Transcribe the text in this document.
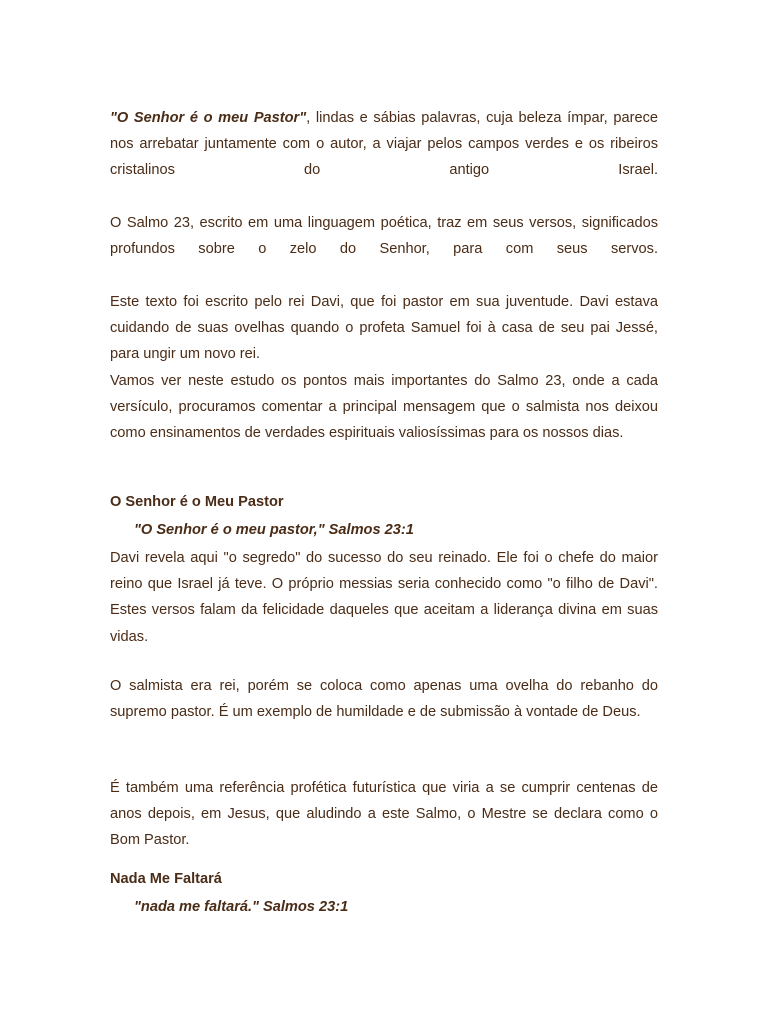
"O Senhor é o meu Pastor", lindas e sábias palavras, cuja beleza ímpar, parece nos arrebatar juntamente com o autor, a viajar pelos campos verdes e os ribeiros cristalinos do antigo Israel.

O Salmo 23, escrito em uma linguagem poética, traz em seus versos, significados profundos sobre o zelo do Senhor, para com seus servos.

Este texto foi escrito pelo rei Davi, que foi pastor em sua juventude. Davi estava cuidando de suas ovelhas quando o profeta Samuel foi à casa de seu pai Jessé, para ungir um novo rei.

Vamos ver neste estudo os pontos mais importantes do Salmo 23, onde a cada versículo, procuramos comentar a principal mensagem que o salmista nos deixou como ensinamentos de verdades espirituais valiosíssimas para os nossos dias.

O Senhor é o Meu Pastor

"O Senhor é o meu pastor," Salmos 23:1

Davi revela aqui "o segredo" do sucesso do seu reinado. Ele foi o chefe do maior reino que Israel já teve. O próprio messias seria conhecido como "o filho de Davi". Estes versos falam da felicidade daqueles que aceitam a liderança divina em suas vidas.

O salmista era rei, porém se coloca como apenas uma ovelha do rebanho do supremo pastor. É um exemplo de humildade e de submissão à vontade de Deus.

É também uma referência profética futurística que viria a se cumprir centenas de anos depois, em Jesus, que aludindo a este Salmo, o Mestre se declara como o Bom Pastor.

Nada Me Faltará

"nada me faltará." Salmos 23:1
